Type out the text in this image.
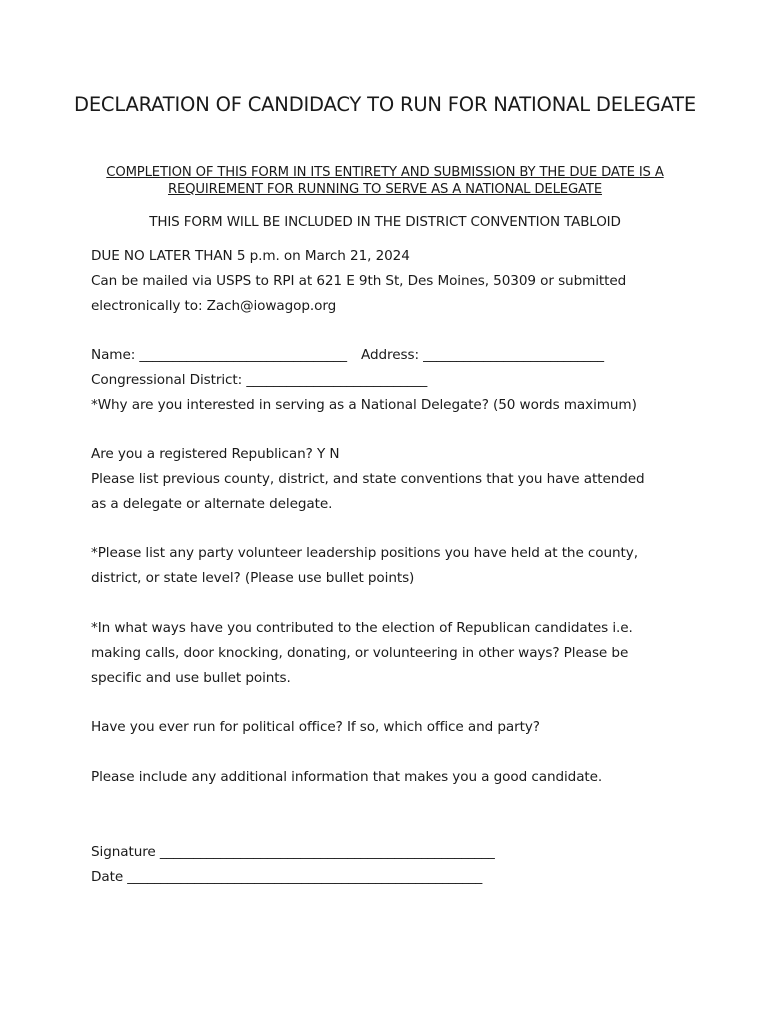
DECLARATION OF CANDIDACY TO RUN FOR NATIONAL DELEGATE
COMPLETION OF THIS FORM IN ITS ENTIRETY AND SUBMISSION BY THE DUE DATE IS A REQUIREMENT FOR RUNNING TO SERVE AS A NATIONAL DELEGATE
THIS FORM WILL BE INCLUDED IN THE DISTRICT CONVENTION TABLOID
DUE NO LATER THAN 5 p.m. on March 21, 2024
Can be mailed via USPS to RPI at 621 E 9th St, Des Moines, 50309 or submitted
electronically to: Zach@iowagop.org
Name: _______________________________ Address: ___________________________
Congressional District: ___________________________
*Why are you interested in serving as a National Delegate? (50 words maximum)
Are you a registered Republican? Y N
Please list previous county, district, and state conventions that you have attended
as a delegate or alternate delegate.
*Please list any party volunteer leadership positions you have held at the county,
district, or state level? (Please use bullet points)
*In what ways have you contributed to the election of Republican candidates i.e.
making calls, door knocking, donating, or volunteering in other ways? Please be
specific and use bullet points.
Have you ever run for political office? If so, which office and party?
Please include any additional information that makes you a good candidate.
Signature __________________________________________________
Date _____________________________________________________
